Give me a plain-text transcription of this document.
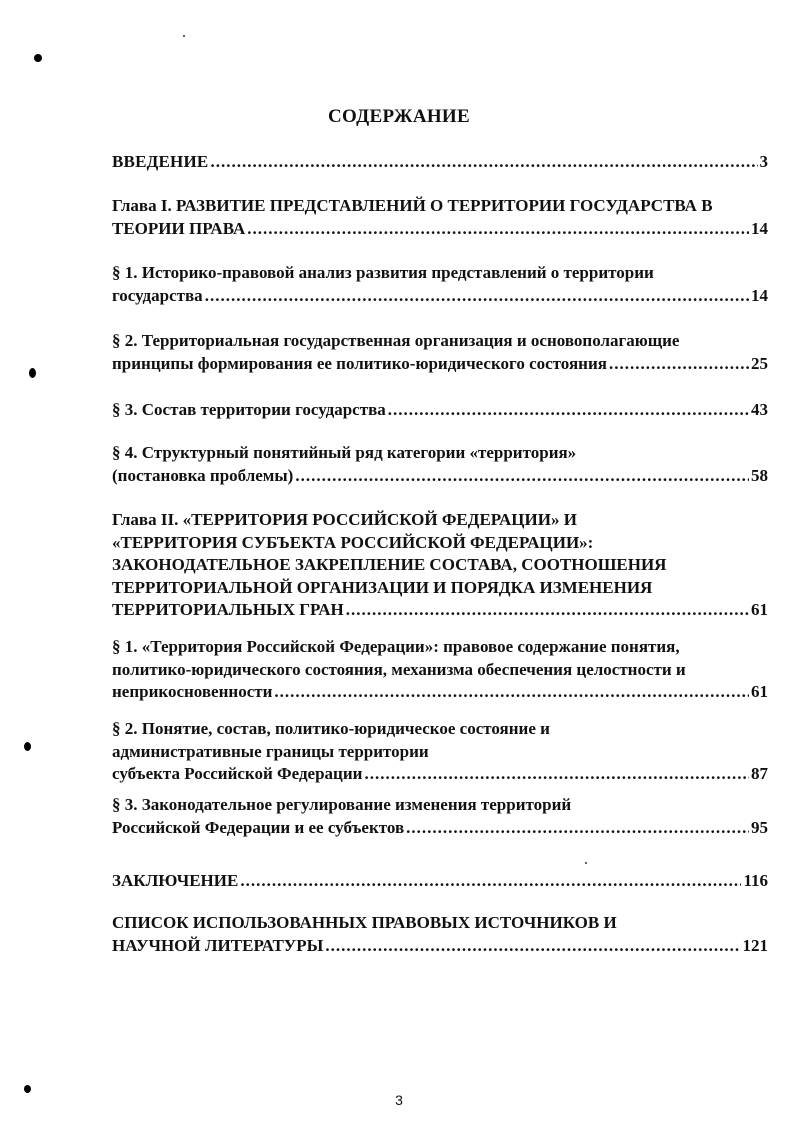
СОДЕРЖАНИЕ
ВВЕДЕНИЕ .....	3
Глава I. РАЗВИТИЕ ПРЕДСТАВЛЕНИЙ О ТЕРРИТОРИИ ГОСУДАРСТВА В
ТЕОРИИ ПРАВА .....	14
§ 1. Историко-правовой анализ развития представлений о территории
государства .....	14
§ 2. Территориальная государственная организация и основополагающие
принципы формирования ее политико-юридического состояния .....	25
§ 3. Состав территории государства .....	43
§ 4. Структурный понятийный ряд категории «территория»
(постановка проблемы) .....	58
Глава II. «ТЕРРИТОРИЯ РОССИЙСКОЙ ФЕДЕРАЦИИ» И
«ТЕРРИТОРИЯ СУБЪЕКТА РОССИЙСКОЙ ФЕДЕРАЦИИ»:
ЗАКОНОДАТЕЛЬНОЕ ЗАКРЕПЛЕНИЕ СОСТАВА, СООТНОШЕНИЯ
ТЕРРИТОРИАЛЬНОЙ ОРГАНИЗАЦИИ И ПОРЯДКА ИЗМЕНЕНИЯ
ТЕРРИТОРИАЛЬНЫХ ГРАН .....	61
§ 1. «Территория Российской Федерации»: правовое содержание понятия,
политико-юридического состояния, механизма обеспечения целостности и
неприкосновенности .....	61
§ 2. Понятие, состав, политико-юридическое состояние и
административные границы территории
субъекта Российской Федерации .....	87
§ 3. Законодательное регулирование изменения территорий
Российской Федерации и ее субъектов .....	95
ЗАКЛЮЧЕНИЕ .....	116
СПИСОК ИСПОЛЬЗОВАННЫХ ПРАВОВЫХ ИСТОЧНИКОВ И
НАУЧНОЙ ЛИТЕРАТУРЫ .....	121
3
